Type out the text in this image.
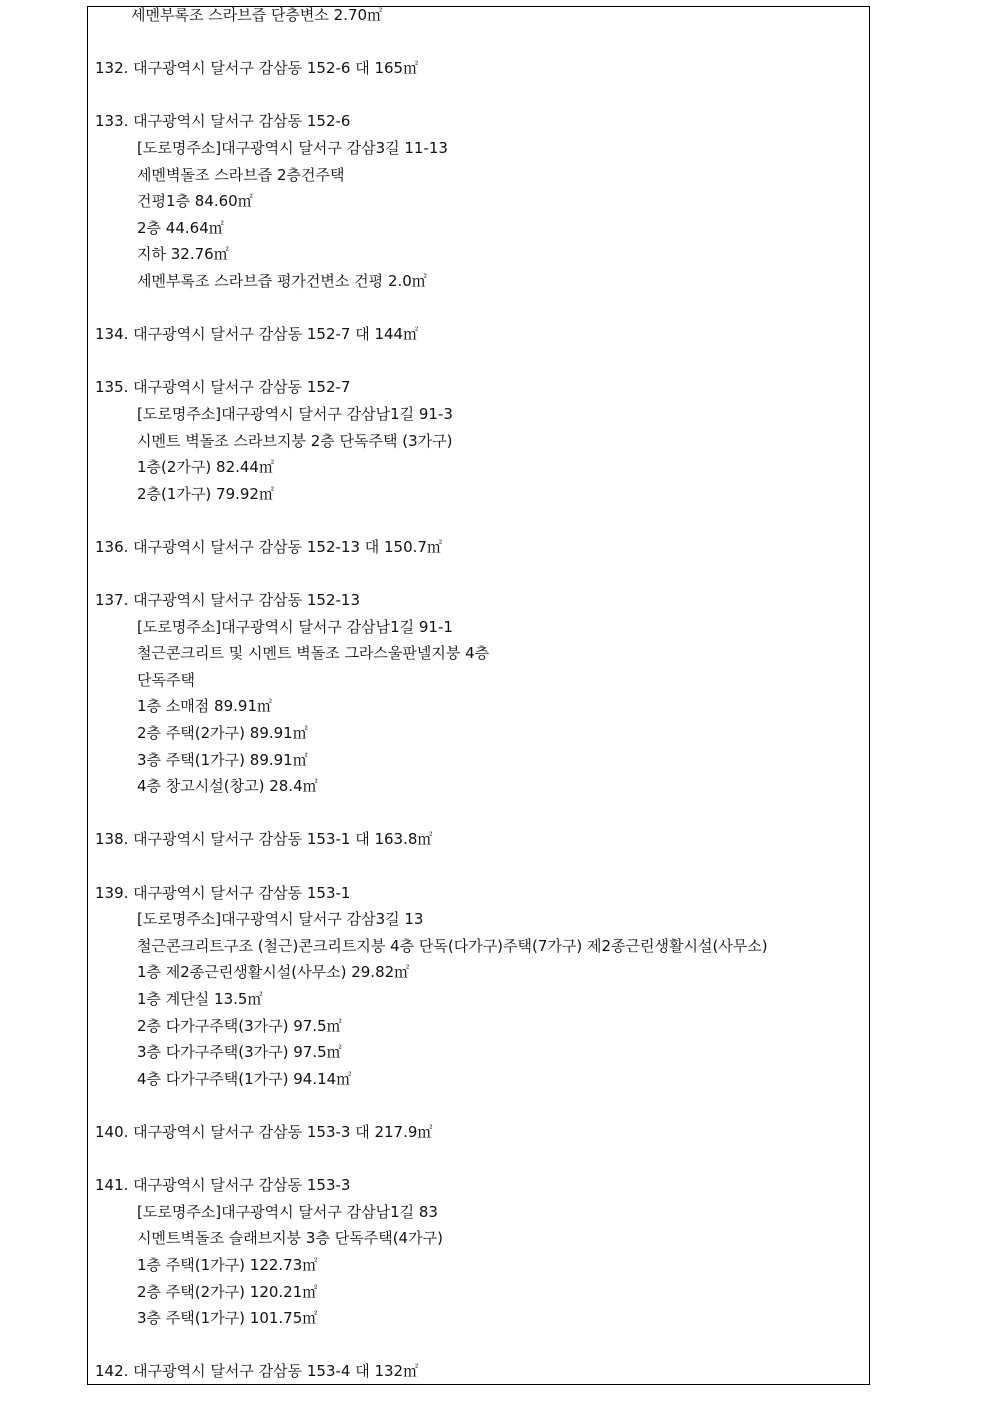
세멘부록조 스라브즙 단층변소 2.70㎡
132. 대구광역시 달서구 감삼동 152-6 대 165㎡
133. 대구광역시 달서구 감삼동 152-6
[도로명주소]대구광역시 달서구 감삼3길 11-13
세멘벽돌조 스라브즙 2층건주택
건평1층 84.60㎡
2층 44.64㎡
지하 32.76㎡
세멘부록조 스라브즙 평가건변소 건평 2.0㎡
134. 대구광역시 달서구 감삼동 152-7 대 144㎡
135. 대구광역시 달서구 감삼동 152-7
[도로명주소]대구광역시 달서구 감삼남1길 91-3
시멘트 벽돌조 스라브지붕 2층 단독주택 (3가구)
1층(2가구) 82.44㎡
2층(1가구) 79.92㎡
136. 대구광역시 달서구 감삼동 152-13 대 150.7㎡
137. 대구광역시 달서구 감삼동 152-13
[도로명주소]대구광역시 달서구 감삼남1길 91-1
철근콘크리트 및 시멘트 벽돌조 그라스울판넬지붕 4층
단독주택
1층 소매점 89.91㎡
2층 주택(2가구) 89.91㎡
3층 주택(1가구) 89.91㎡
4층 창고시설(창고) 28.4㎡
138. 대구광역시 달서구 감삼동 153-1 대 163.8㎡
139. 대구광역시 달서구 감삼동 153-1
[도로명주소]대구광역시 달서구 감삼3길 13
철근콘크리트구조 (철근)콘크리트지붕 4층 단독(다가구)주택(7가구) 제2종근린생활시설(사무소)
1층 제2종근린생활시설(사무소) 29.82㎡
1층 계단실 13.5㎡
2층 다가구주택(3가구) 97.5㎡
3층 다가구주택(3가구) 97.5㎡
4층 다가구주택(1가구) 94.14㎡
140. 대구광역시 달서구 감삼동 153-3 대 217.9㎡
141. 대구광역시 달서구 감삼동 153-3
[도로명주소]대구광역시 달서구 감삼남1길 83
시멘트벽돌조 슬래브지붕 3층 단독주택(4가구)
1층 주택(1가구) 122.73㎡
2층 주택(2가구) 120.21㎡
3층 주택(1가구) 101.75㎡
142. 대구광역시 달서구 감삼동 153-4 대 132㎡
